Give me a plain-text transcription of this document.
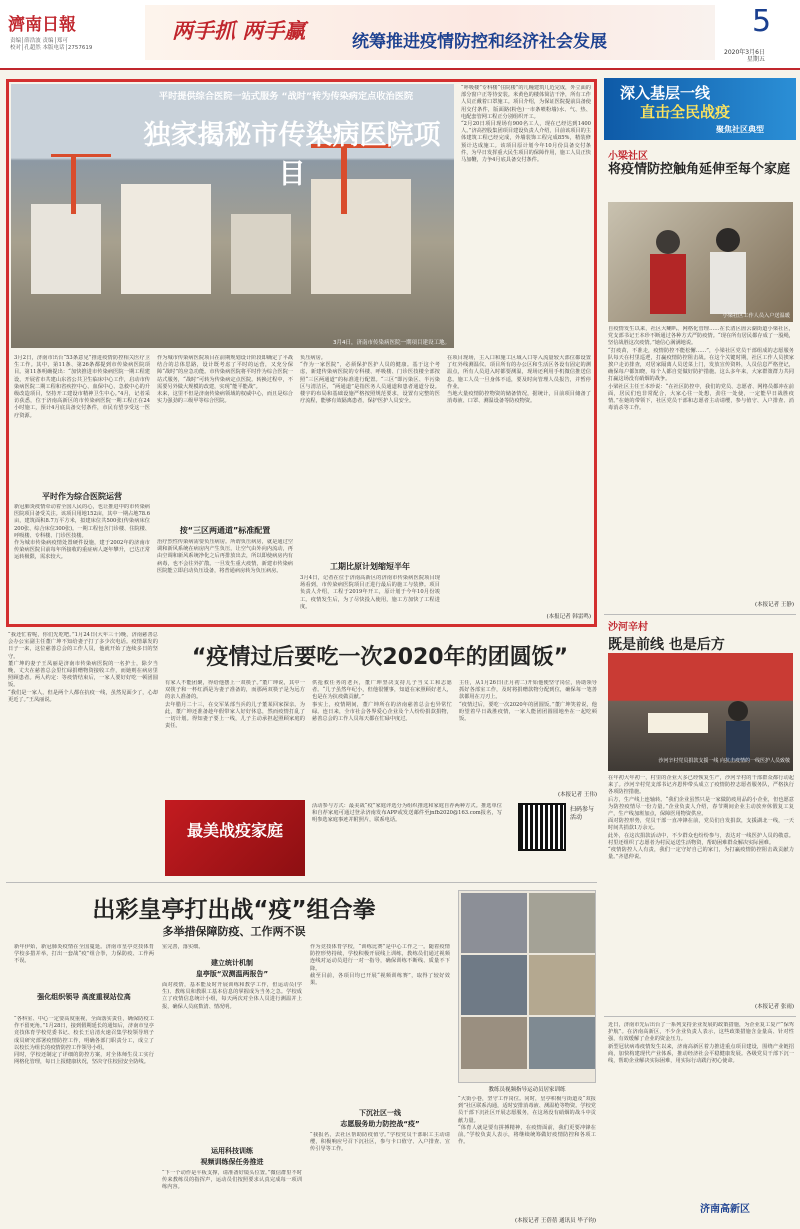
濟南日報
责编│薛浩波 责编│郑可
校对│孔超然 本版电话│2757619
两手抓 两手赢	统筹推进疫情防控和经济社会发展
5
2020年3月6日
星期五
平时提供综合医院一站式服务 “战时”转为传染病定点收治医院
独家揭秘市传染病医院项目
3月4日，济南市传染病医院一期项目建设工地。
“呼吸楼”专科楼“住院楼”的几幢建筑几近完成，外立面的部分窗户正等待安装。米黄色的楼体简洁干净，所有工作人员正戴着口罩施工。项目介绍，为保证医院提前具备使用交付条件，版面路(粉色)一市条喷粉墙)水、气、热、电配套管网工程正分别组织开工。
“2月20日项目现场有900名工人，现在已经达到1400人。”济高控股集团项目建设负责人介绍，目前该项目的主体建筑工程已经完成，外墙装饰工程完成85%，精装修预计达成施工。该项目原计划今年10月份具备交付条件，为早日发挥重大民生项目的保障作用，施工人员正快马加鞭，力争4月底具备交付条件。
3月2日，济南市出台“53条意见”推进疫情防控相关医疗卫生工作。其中，第11条、第26条都提到市传染病医院项目。第11条明确提出：“加快推进市传染病医院一期工程建设，开展省市共建山东省公共卫生临床中心工作，启动市传染病医院二期工程和省疾控中心、血保中心、急救中心的升级改造项目，坚持开工建设市精神卫生中心。”4月，记者采访获悉，位于济南高新区的市传染病医院一期工程正在24小时施工，预计4月底具备交付条件，市民有望享受这一医疗资源。
平时作为综合医院运营
新冠肺炎疫情牵动着全国人民的心，也让推进中的市传染病医院项目备受关注。该项目用地152亩，其中一期占地78.6亩，建筑面积8.7万平方米，拟建床位共500张(传染病床位200张、综合床位300张)。一期工程包含门诊楼、住院楼、呼吸楼、专科楼、门诊医技楼。
作为城市传染病疫情处置硬件设施，建于2002年的济南市传染病医院目前每年所接收的重症病人逐年攀升，已达正常运转极限，需求较大。
作为城市传染病医院项目在前期规划设计阶段即确定了平战结合的总体思路，设计既考虑了平时的运营，又充分保障“战时”的应急功能。市传染病医院将平时作为综合医院一站式服务，“战时”可转为传染病定点医院。转换过程中，不需要另外做大规模的改建，实现“能平能战”。
未来，这里不但是济南传染病领域的权威中心，而且是综合实力强劲的三级甲等综合医院。
按“三区两通道”标准配置
治疗烈性传染病需要负压病房。所谓负压病房，就是通过空调和新风系统在病房内产生负压，让空气由外向内流动，再由空调和新风系统净化之后再排放出去，所以即使病房内有病毒，也不会往外扩散。一旦发生重大疫情，新建市传染病医院能立即启动负压设备，将普通病房转为负压病房。
负压病房。
“作为一家医院”，必须保护医护人员的健康。基于这个考虑，新建传染病医院的专科楼、呼吸楼、门诊医技楼全部按照“三区两通道”的标准进行配置。“三区”即污染区、半污染区与清洁区，“两通道”是指医务人员通道和患者通道分设。楼宇的布局和基础设施严格按照规范要求，设置有完整的医疗流程，能够有效隔离患者，保护医护人员安全。
工期比原计划缩短半年
3月4日，记者在位于济南高新区的济南市传染病医院项目现场看到，市传染病医院项目正进行最后的施工与装修。项目负责人介绍，工程于2019年开工，原计划于今年10月份竣工。疫情发生后，为了尽快投入使用，施工方加快了工程进度。
在项目现场，主入口和施工区域入口等入流量较大部位都设置了红外线测温仪。项目所有的办公区和生活区各设有固定的测温点，所有人员进入时都要测温，现场还利用手机微信推送信息。施工人员一旦身体不适，要及时向管理人员报告，并暂停作业。
当地大量疫情防控物资的储备情况，据统计，目前项目储备了消毒液、口罩、测温设备等防疫物资。
(本报记者 韩雷鸣)
深入基层一线
直击全民战疫
聚焦社区典型
小梁社区
将疫情防控触角延伸至每个家庭
小梁社区工作人员入户送温暖
自疫情发生以来，社区大喇叭、网格化管理……在长清区崮云湖街道小梁社区，党支部书记王本珍不断通过各种方式严防疫情。“现在所有居民都存成了一股绳，坚信战胜这次疫情。”她信心满满地说。
“打疫苗，不准走，疫情防控不能松懈……”，小梁社区党员干部组成的志愿服务队每天在村里巡逻，打赢疫情防控阻击战。在这个关键时期，社区工作人员挨家挨户走访排查，对居家隔离人员送菜上门，发放宣传资料，人员信息严格登记，确保每户都知晓，每个人都自觉做好防护措施。这么多年来，大家群策群力共同打赢这场没有硝烟的战争。
小梁社区主任王本珍说：“在社区防控中，我们的党员、志愿者、网格员都冲在前面，居民们也非常配合，大家心往一处想，劲往一处使，一定能早日战胜疫情。”在她的带领下，社区党员干部和志愿者主动请缨，参与值守、入户排查、消毒消杀等工作。
(本报记者 王静)
沙河辛村
既是前线 也是后方
沙河辛村党员捐款支援一线 向抗击疫情的一线医护人员致敬
在年初大年初一，村里的企业大多已经恢复生产，沙河辛村的干部群众都行动起来了。沙河辛村党支部书记齐恩仲带头成立了疫情防控志愿者服务队，严格执行各项防控措施。
后方，生产线上连轴转。“我们企业虽然只是一家做防疫用品的小企业，但也愿意为防控疫情尽一份力量。”企业负责人介绍，春节期间企业主动放弃休假复工复产，生产线加班加点，保障医用物资供应。
面对防控形势，党员干部一直冲锋在前，党员们自发捐款，支援湖北一线，一天时间共捐款1万余元。
此外，在这次捐款活动中，不少群众也纷纷参与，表达对一线医护人员的敬意。村里还组织了志愿者为村民运送生活物资，帮助困难群众解决实际困难。
“疫情防控人人有责，我们一定守好自己的家门，为打赢疫情防控阻击战贡献力量。”齐恩仲说。
(本报记者 张雨)
近日，济南市先后出台了一系列支持企业发展的政策措施，为企业复工复产“保驾护航”。在济南高新区，不少企业负责人表示，这些政策措施含金量高、针对性强，有效缓解了企业的资金压力。
新型冠状病毒疫情发生以来，济南高新区着力推进重点项目建设，围绕产业链招商，加快构建现代产业体系，推动经济社会平稳健康发展。各级党员干部下沉一线，帮助企业解决实际困难，用实际行动践行初心使命。
济南高新区
“我还忙着呢，你们先吃吧。”1月24日(大年三十)晚，济南慈善总会办公室副主任董广坤不知给妻子打了多少次电话。疫情暴发的日子一来，这位慈善总会的工作人员，他就开始了连续多日的坚守。
董广坤的妻子王凤丽是济南市传染病医院的一名护士，除夕当晚，丈夫在慈善总会里忙碌捐赠物资接收工作，而她则在病房里照顾患者。两人约定：等疫情结束后，一家人要好好吃一顿团圆饭。
“我们是一家人，但是两个人都在抗疫一线，虽然见面少了，心却更近了。”王凤丽说。
“疫情过后要吃一次2020年的团圆饭”
有家人不能团聚，得给他摆上一双筷子。”董广坤说，其中一双筷子和一杯红酒是为妻子准备的，而那两双筷子是为远方的亲人准备的。
去年腊月二十三，在交军某部当兵的儿子董某回家探亲。为此，董广坤还准备趁年假带家人好好休息，然而疫情打乱了一切计划。得知妻子要上一线，儿子主动承担起照顾家庭的责任。
供抢救任务的老兵，董广坤坚决支持儿子当义工和志愿者。“儿子虽然年纪小，但他很懂事，知道在家照顾好老人，也是在为抗疫做贡献。”
事实上，疫情期间，董广坤所在的济南慈善总会也异常忙碌。连日来，全市社会各界爱心企业及个人纷纷捐款捐物，慈善总会的工作人员每天都在忙碌中度过。
主任，从1月26日(正月初二)开始他便坚守岗位，协助领导抓好各部室工作，及时将捐赠款物分配到位，确保每一笔善款都用在刀刃上。
“疫情过后，要吃一次2020年的团圆饭。”董广坤笑着说，他盼望着早日战胜疫情，一家人能团团圆圆地坐在一起吃顿饭。
(本报记者 王伟)
最美战疫家庭
活动参与方式：最美战“疫”家庭评选分为组织推选和家庭自荐两种方式。推选单位和自荐家庭可通过登录济南发布APP或发送邮件至jnfb2020@163.com报名，写明参选家庭事迹并附照片，联系电话。
扫码参与活动
出彩皇亭打出战“疫”组合拳
多举措保障防疫、工作两不误
新年伊始，新冠肺炎疫情在全国蔓延。济南市皇亭竞技体育学校多措并举，打出一套战“疫”组合拳，力保防疫、工作两不误。
强化组织领导 高度重视站位高
“各科室、中心一定要高度重视，全面落实责任，确保防疫工作不留死角。”1月28日，接到假期延长的通知后，济南市皇亭竞技体育学校党委书记、校长王启清火速召集学校领导班子成员研究部署疫情防控工作，明确各部门职责分工，成立了以校长为组长的疫情防控工作领导小组。
同时，学校还制定了详细的防控方案，对全体师生员工实行网格化管理，每日上报健康状况，坚决守住校园安全防线。
室完善，落实细。
建立统计机制
皇亭版“双测温两报告”
面对疫情，基本能及时开展训练和教学工作，但运动员(学生)、教练员和教职工基本信息的掌握成为当务之急。学校成立了疫情信息统计小组，每天两次对全体人员进行测温并上报，确保人员底数清、情况明。
运用科技训练
视频训练保任务推进
“下一个动作是平板支撑，请准备好镜头位置。”微信群里不时传来教练员的指挥声，运动员们按照要求认真完成每一项训练内容。
作为竞技体育学校，“训练比赛”是中心工作之一。随着疫情防控形势持续，学校积极开展线上训练，教练员们通过视频连线对运动员进行一对一指导，确保训练不断线、质量不下降。
截至目前，各项目均已开展“视频训练赛”，取得了较好效果。
下沉社区一线
志愿服务助力防控战“疫”
“我报名，去社区帮助防疫值守。”学校党员干部职工主动请缨，积极响应号召下沉社区，参与卡口值守、入户排查、宣传引导等工作。
教练员视频指导运动员居家训练
“大街小巷，坚守工作岗位。同时，皇亭积极与街道及“双报到”社区联系沟通，适时安排消毒液、测温枪等物资。学校党员干部下沉社区开展志愿服务，在这场没有硝烟的战斗中贡献力量。
“体育人就是要有拼搏精神，在疫情面前，我们更要冲锋在前。”学校负责人表示，将继续统筹做好疫情防控和各项工作。
(本报记者 王蓓蓓 通讯员 毕子钧)
